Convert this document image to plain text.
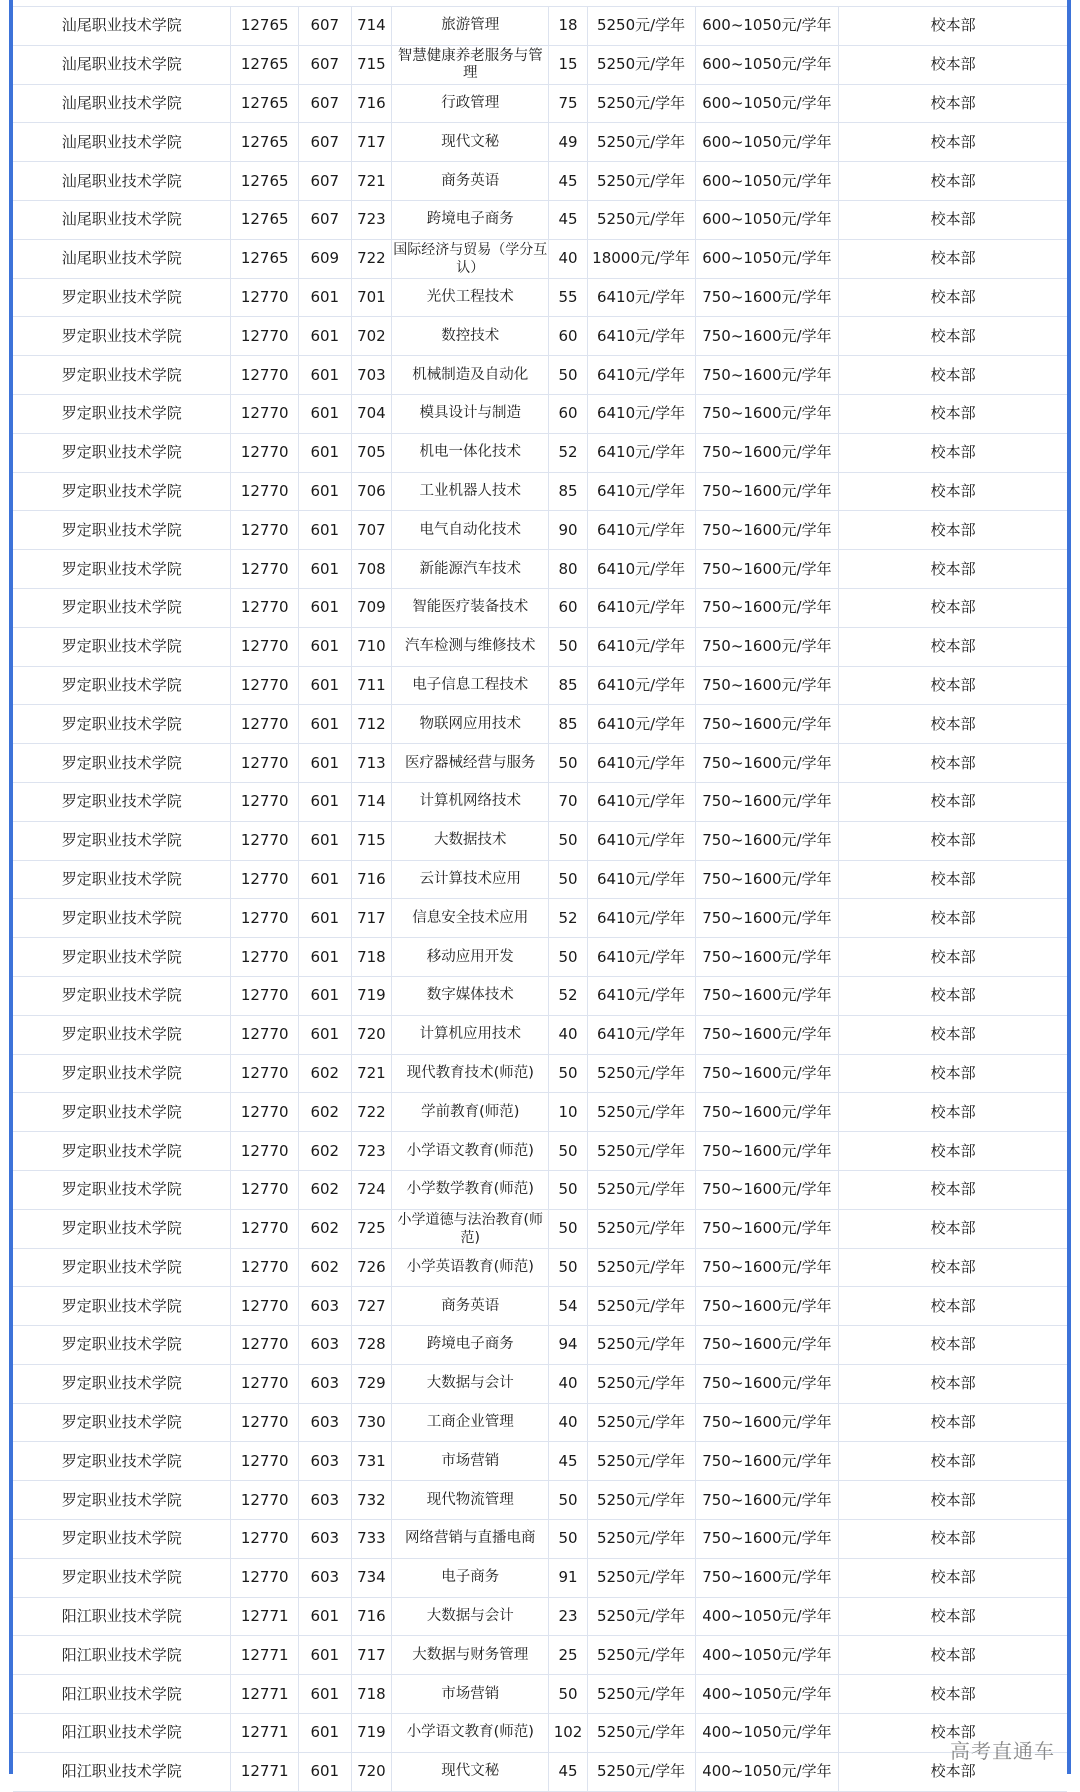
汕尾职业技术学院	12765	607	714	旅游管理	18	5250元/学年	600~1050元/学年	校本部
汕尾职业技术学院	12765	607	715	智慧健康养老服务与管理	15	5250元/学年	600~1050元/学年	校本部
汕尾职业技术学院	12765	607	716	行政管理	75	5250元/学年	600~1050元/学年	校本部
汕尾职业技术学院	12765	607	717	现代文秘	49	5250元/学年	600~1050元/学年	校本部
汕尾职业技术学院	12765	607	721	商务英语	45	5250元/学年	600~1050元/学年	校本部
汕尾职业技术学院	12765	607	723	跨境电子商务	45	5250元/学年	600~1050元/学年	校本部
汕尾职业技术学院	12765	609	722	国际经济与贸易（学分互认）	40	18000元/学年	600~1050元/学年	校本部
罗定职业技术学院	12770	601	701	光伏工程技术	55	6410元/学年	750~1600元/学年	校本部
罗定职业技术学院	12770	601	702	数控技术	60	6410元/学年	750~1600元/学年	校本部
罗定职业技术学院	12770	601	703	机械制造及自动化	50	6410元/学年	750~1600元/学年	校本部
罗定职业技术学院	12770	601	704	模具设计与制造	60	6410元/学年	750~1600元/学年	校本部
罗定职业技术学院	12770	601	705	机电一体化技术	52	6410元/学年	750~1600元/学年	校本部
罗定职业技术学院	12770	601	706	工业机器人技术	85	6410元/学年	750~1600元/学年	校本部
罗定职业技术学院	12770	601	707	电气自动化技术	90	6410元/学年	750~1600元/学年	校本部
罗定职业技术学院	12770	601	708	新能源汽车技术	80	6410元/学年	750~1600元/学年	校本部
罗定职业技术学院	12770	601	709	智能医疗装备技术	60	6410元/学年	750~1600元/学年	校本部
罗定职业技术学院	12770	601	710	汽车检测与维修技术	50	6410元/学年	750~1600元/学年	校本部
罗定职业技术学院	12770	601	711	电子信息工程技术	85	6410元/学年	750~1600元/学年	校本部
罗定职业技术学院	12770	601	712	物联网应用技术	85	6410元/学年	750~1600元/学年	校本部
罗定职业技术学院	12770	601	713	医疗器械经营与服务	50	6410元/学年	750~1600元/学年	校本部
罗定职业技术学院	12770	601	714	计算机网络技术	70	6410元/学年	750~1600元/学年	校本部
罗定职业技术学院	12770	601	715	大数据技术	50	6410元/学年	750~1600元/学年	校本部
罗定职业技术学院	12770	601	716	云计算技术应用	50	6410元/学年	750~1600元/学年	校本部
罗定职业技术学院	12770	601	717	信息安全技术应用	52	6410元/学年	750~1600元/学年	校本部
罗定职业技术学院	12770	601	718	移动应用开发	50	6410元/学年	750~1600元/学年	校本部
罗定职业技术学院	12770	601	719	数字媒体技术	52	6410元/学年	750~1600元/学年	校本部
罗定职业技术学院	12770	601	720	计算机应用技术	40	6410元/学年	750~1600元/学年	校本部
罗定职业技术学院	12770	602	721	现代教育技术(师范)	50	5250元/学年	750~1600元/学年	校本部
罗定职业技术学院	12770	602	722	学前教育(师范)	10	5250元/学年	750~1600元/学年	校本部
罗定职业技术学院	12770	602	723	小学语文教育(师范)	50	5250元/学年	750~1600元/学年	校本部
罗定职业技术学院	12770	602	724	小学数学教育(师范)	50	5250元/学年	750~1600元/学年	校本部
罗定职业技术学院	12770	602	725	小学道德与法治教育(师范)	50	5250元/学年	750~1600元/学年	校本部
罗定职业技术学院	12770	602	726	小学英语教育(师范)	50	5250元/学年	750~1600元/学年	校本部
罗定职业技术学院	12770	603	727	商务英语	54	5250元/学年	750~1600元/学年	校本部
罗定职业技术学院	12770	603	728	跨境电子商务	94	5250元/学年	750~1600元/学年	校本部
罗定职业技术学院	12770	603	729	大数据与会计	40	5250元/学年	750~1600元/学年	校本部
罗定职业技术学院	12770	603	730	工商企业管理	40	5250元/学年	750~1600元/学年	校本部
罗定职业技术学院	12770	603	731	市场营销	45	5250元/学年	750~1600元/学年	校本部
罗定职业技术学院	12770	603	732	现代物流管理	50	5250元/学年	750~1600元/学年	校本部
罗定职业技术学院	12770	603	733	网络营销与直播电商	50	5250元/学年	750~1600元/学年	校本部
罗定职业技术学院	12770	603	734	电子商务	91	5250元/学年	750~1600元/学年	校本部
阳江职业技术学院	12771	601	716	大数据与会计	23	5250元/学年	400~1050元/学年	校本部
阳江职业技术学院	12771	601	717	大数据与财务管理	25	5250元/学年	400~1050元/学年	校本部
阳江职业技术学院	12771	601	718	市场营销	50	5250元/学年	400~1050元/学年	校本部
阳江职业技术学院	12771	601	719	小学语文教育(师范)	102	5250元/学年	400~1050元/学年	校本部
阳江职业技术学院	12771	601	720	现代文秘	45	5250元/学年	400~1050元/学年	校本部
高考直通车
